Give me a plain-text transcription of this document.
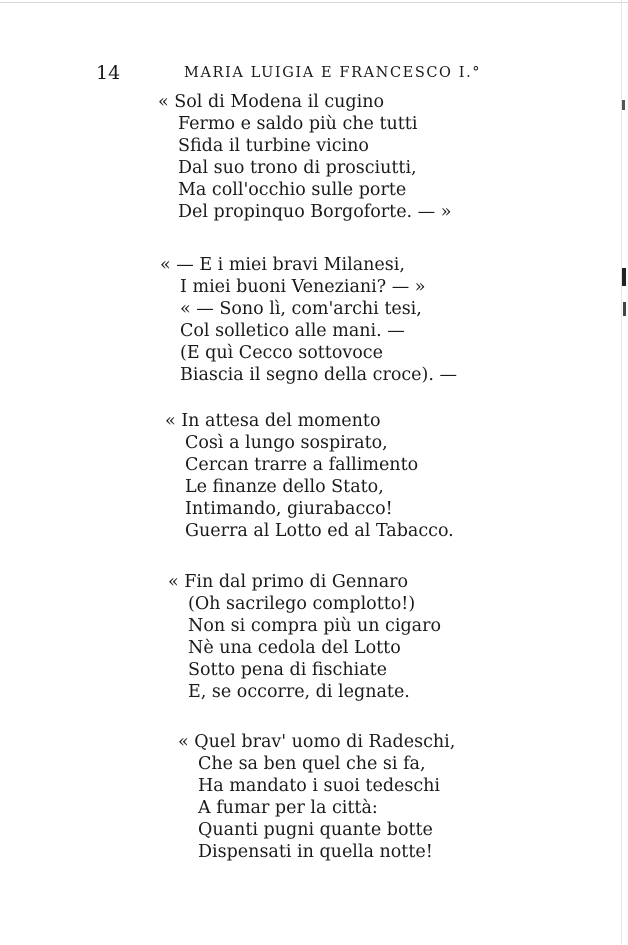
14	MARIA LUIGIA E FRANCESCO I.°
« Sol di Modena il cugino
Fermo e saldo più che tutti
Sfida il turbine vicino
Dal suo trono di prosciutti,
Ma coll'occhio sulle porte
Del propinquo Borgoforte. — »
« — E i miei bravi Milanesi,
I miei buoni Veneziani? — »
« — Sono lì, com'archi tesi,
Col solletico alle mani. —
(E quì Cecco sottovoce
Biascia il segno della croce). —
« In attesa del momento
Così a lungo sospirato,
Cercan trarre a fallimento
Le finanze dello Stato,
Intimando, giurabacco!
Guerra al Lotto ed al Tabacco.
« Fin dal primo di Gennaro
(Oh sacrilego complotto!)
Non si compra più un cigaro
Nè una cedola del Lotto
Sotto pena di fischiate
E, se occorre, di legnate.
« Quel brav' uomo di Radeschi,
Che sa ben quel che si fa,
Ha mandato i suoi tedeschi
A fumar per la città:
Quanti pugni quante botte
Dispensati in quella notte!
